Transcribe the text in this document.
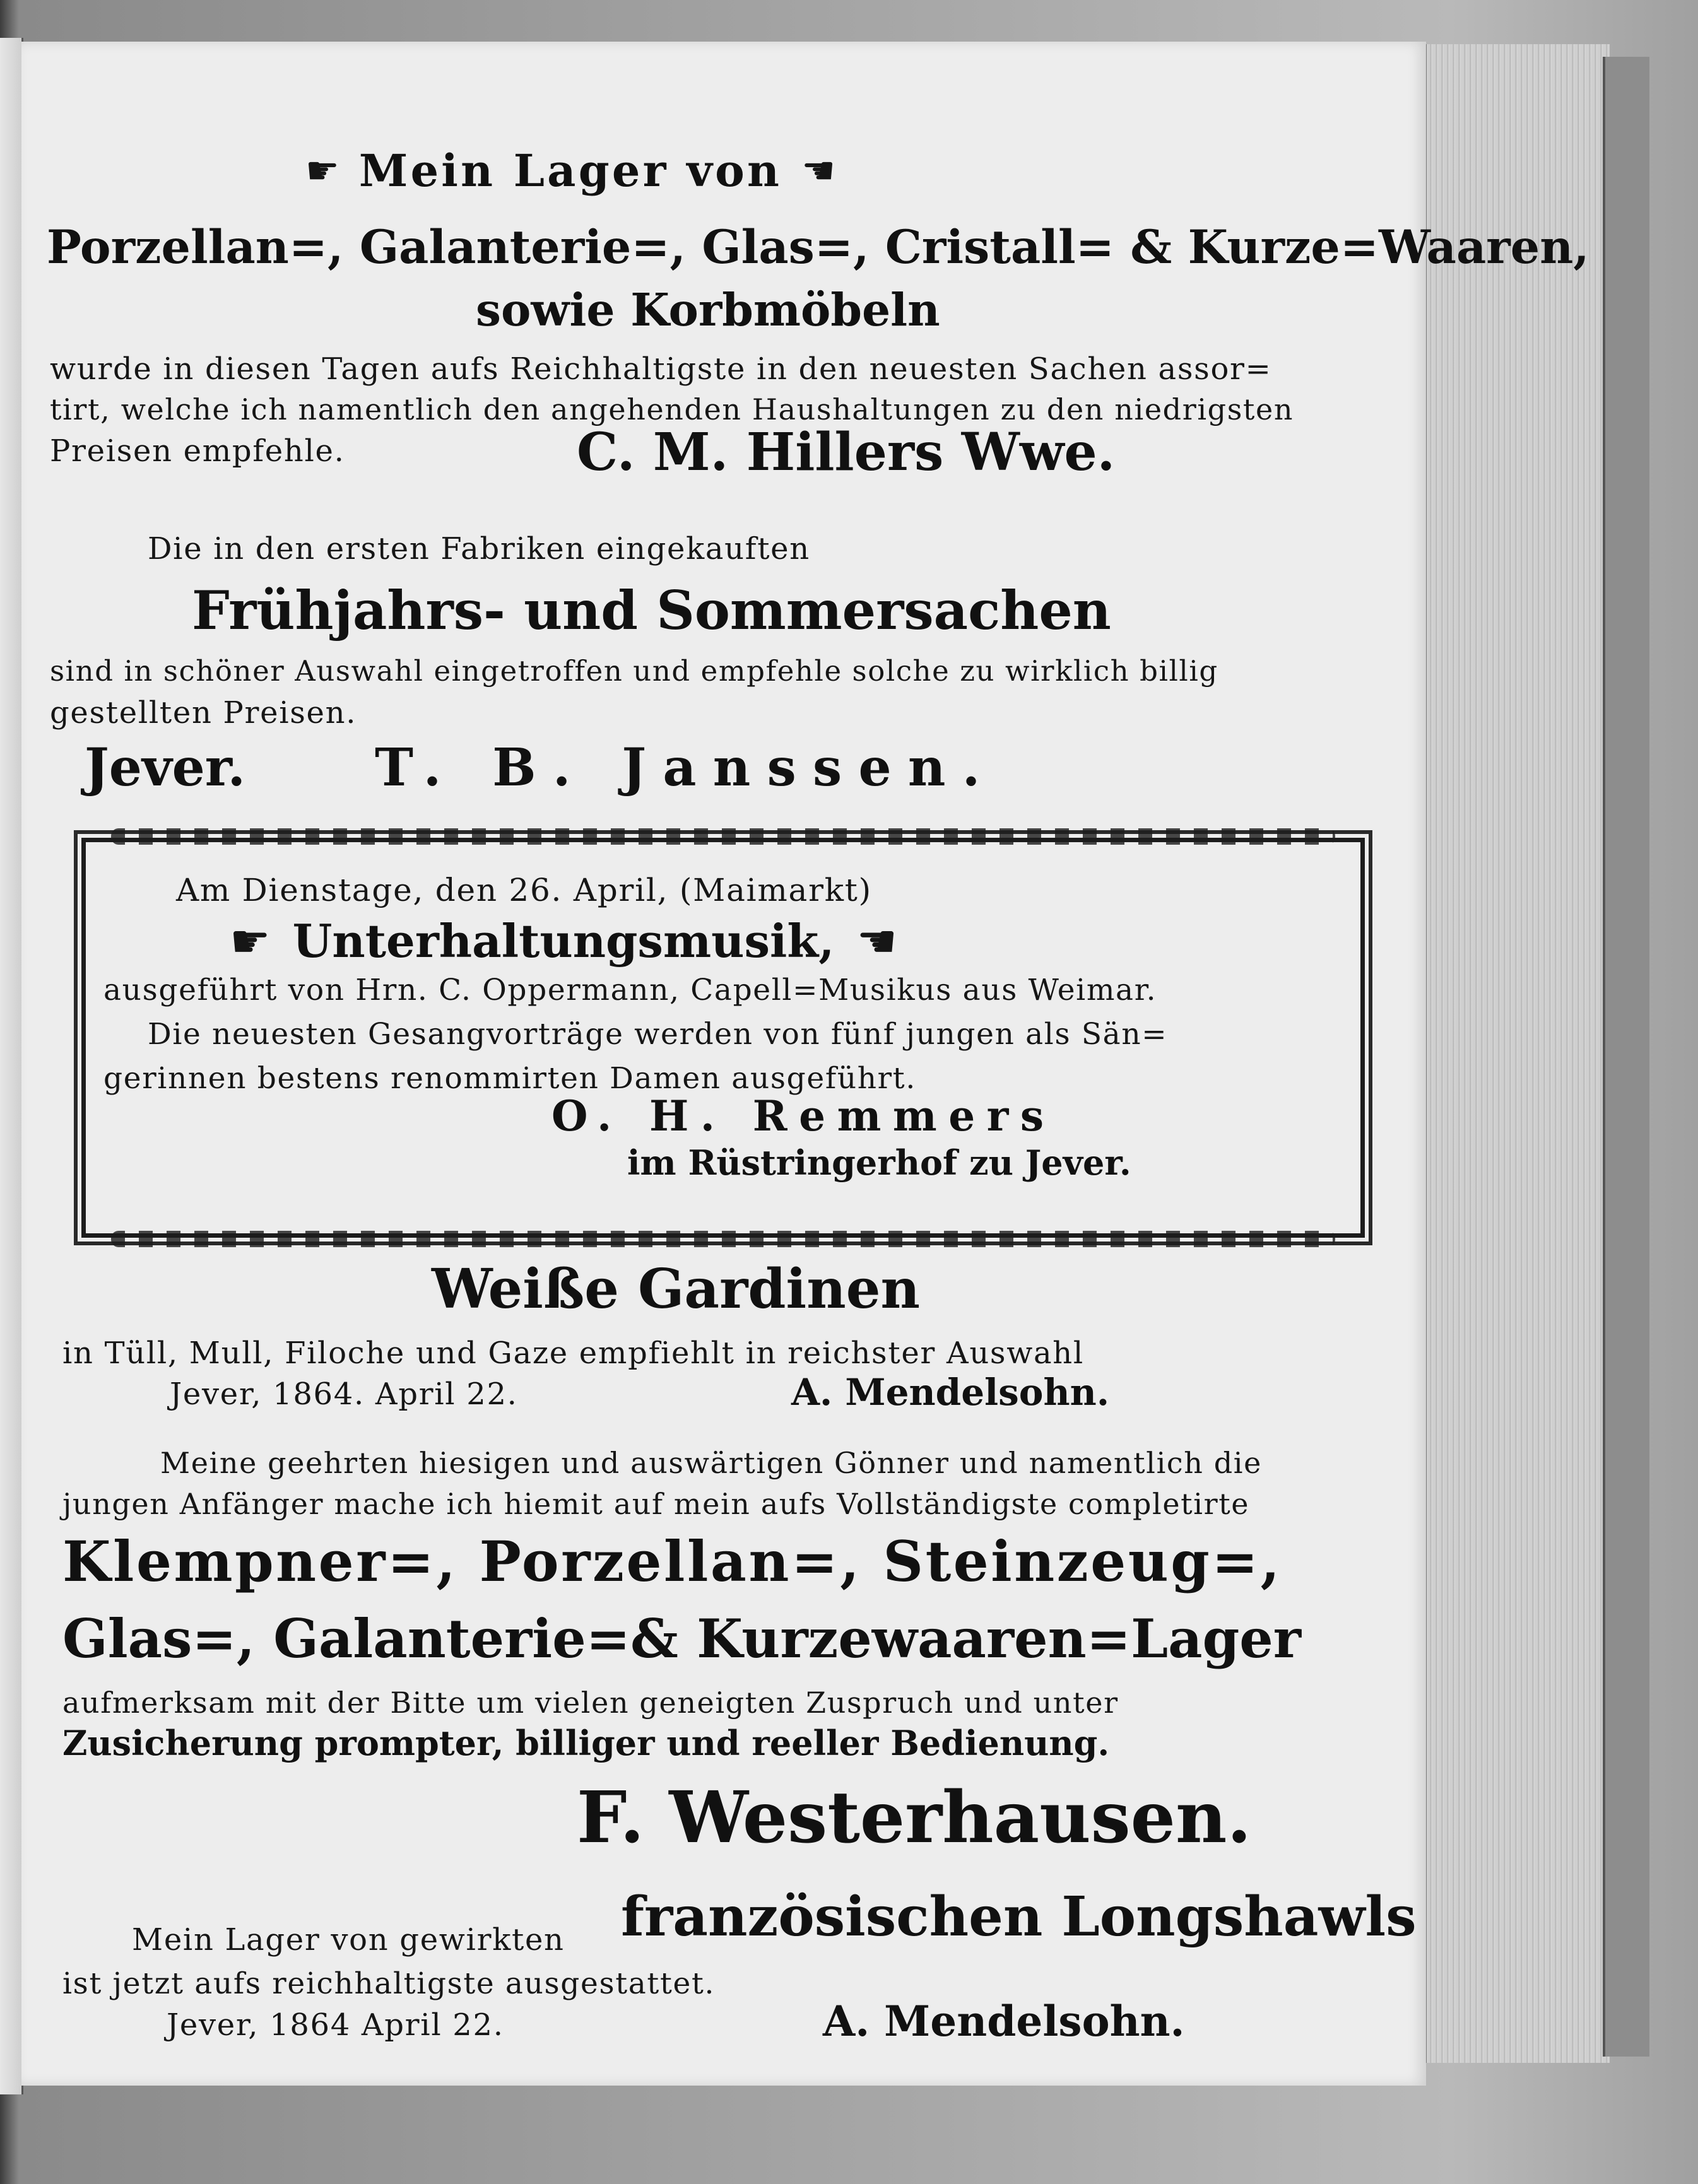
☛ Mein Lager von ☚
Porzellan=, Galanterie=, Glas=, Cristall= & Kurze=Waaren,
sowie Korbmöbeln
wurde in diesen Tagen aufs Reichhaltigste in den neuesten Sachen assor=
tirt, welche ich namentlich den angehenden Haushaltungen zu den niedrigsten
Preisen empfehle.	C. M. Hillers Wwe.
Die in den ersten Fabriken eingekauften
Frühjahrs- und Sommersachen
sind in schöner Auswahl eingetroffen und empfehle solche zu wirklich billig
gestellten Preisen.
Jever. T. B. Janssen.
Am Dienstage, den 26. April, (Maimarkt)
☛ Unterhaltungsmusik, ☚
ausgeführt von Hrn. C. Oppermann, Capell=Musikus aus Weimar.
Die neuesten Gesangvorträge werden von fünf jungen als Sän=
gerinnen bestens renommirten Damen ausgeführt.
O. H. Remmers
im Rüstringerhof zu Jever.
Weiße Gardinen
in Tüll, Mull, Filoche und Gaze empfiehlt in reichster Auswahl
Jever, 1864. April 22.	A. Mendelsohn.
Meine geehrten hiesigen und auswärtigen Gönner und namentlich die
jungen Anfänger mache ich hiemit auf mein aufs Vollständigste completirte
Klempner=, Porzellan=, Steinzeug=,
Glas=, Galanterie=& Kurzewaaren=Lager
aufmerksam mit der Bitte um vielen geneigten Zuspruch und unter
Zusicherung prompter, billiger und reeller Bedienung.
F. Westerhausen.
Mein Lager von gewirkten französischen Longshawls
ist jetzt aufs reichhaltigste ausgestattet.
Jever, 1864 April 22.	A. Mendelsohn.
